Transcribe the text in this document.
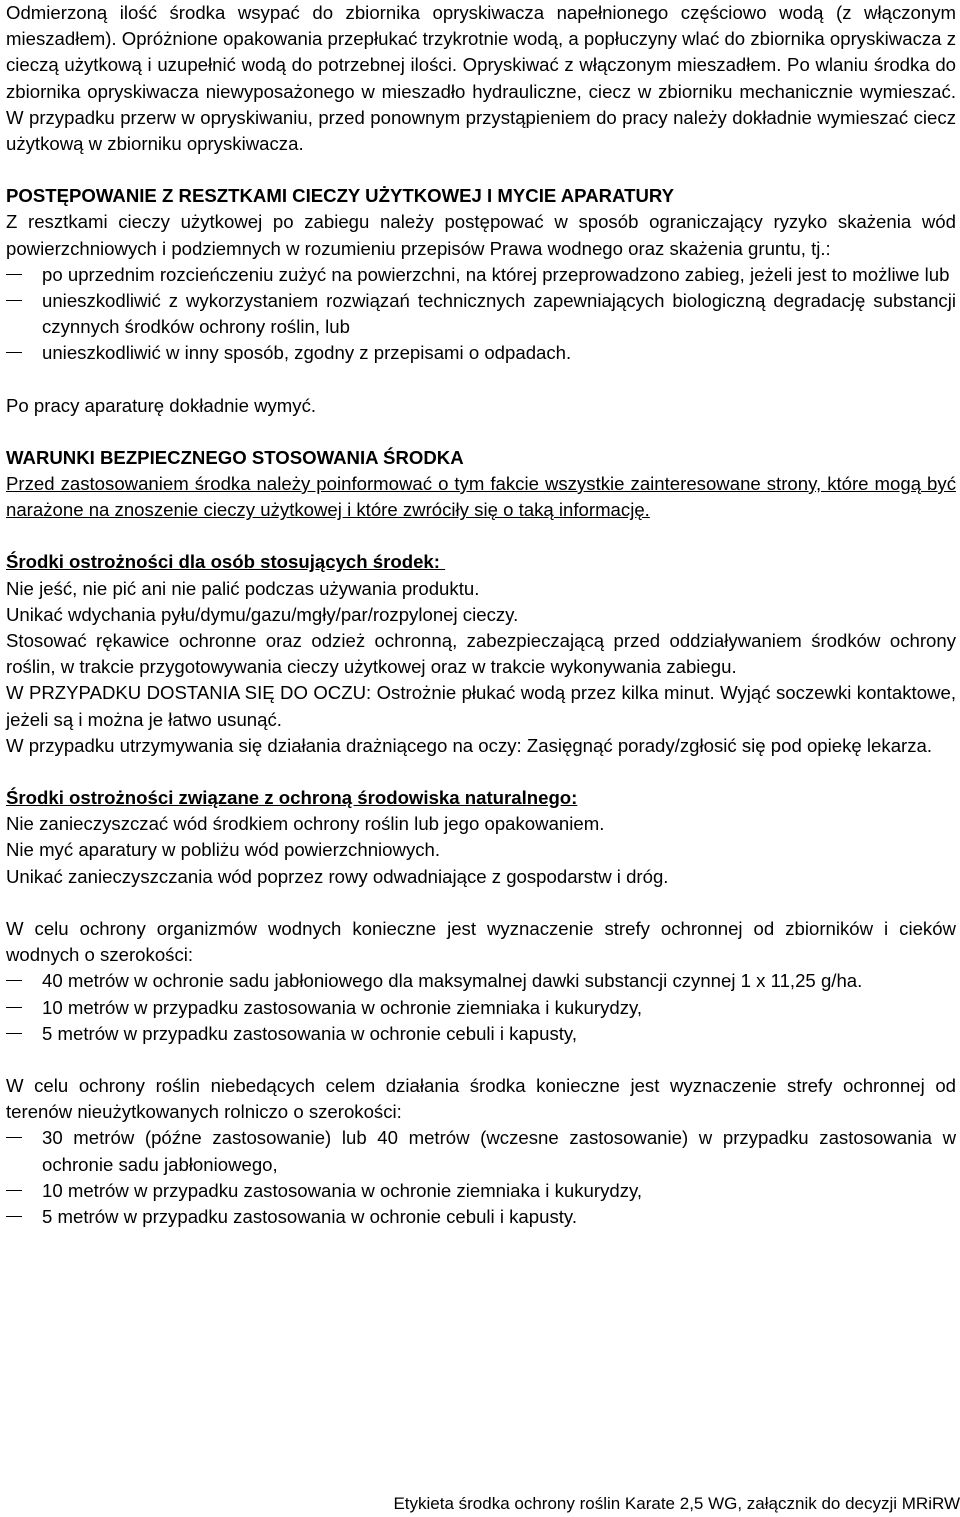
Odmierzoną ilość środka wsypać do zbiornika opryskiwacza napełnionego częściowo wodą (z włączonym mieszadłem). Opróżnione opakowania przepłukać trzykrotnie wodą, a popłuczyny wlać do zbiornika opryskiwacza z cieczą użytkową i uzupełnić wodą do potrzebnej ilości. Opryskiwać z włączonym mieszadłem. Po wlaniu środka do zbiornika opryskiwacza niewyposażonego w mieszadło hydrauliczne, ciecz w zbiorniku mechanicznie wymieszać. W przypadku przerw w opryskiwaniu, przed ponownym przystąpieniem do pracy należy dokładnie wymieszać ciecz użytkową w zbiorniku opryskiwacza.

POSTĘPOWANIE Z RESZTKAMI CIECZY UŻYTKOWEJ I MYCIE APARATURY

Z resztkami cieczy użytkowej po zabiegu należy postępować w sposób ograniczający ryzyko skażenia wód powierzchniowych i podziemnych w rozumieniu przepisów Prawa wodnego oraz skażenia gruntu, tj.:

po uprzednim rozcieńczeniu zużyć na powierzchni, na której przeprowadzono zabieg, jeżeli jest to możliwe lub
unieszkodliwić z wykorzystaniem rozwiązań technicznych zapewniających biologiczną degradację substancji czynnych środków ochrony roślin, lub
unieszkodliwić w inny sposób, zgodny z przepisami o odpadach.

Po pracy aparaturę dokładnie wymyć.

WARUNKI BEZPIECZNEGO STOSOWANIA ŚRODKA

Przed zastosowaniem środka należy poinformować o tym fakcie wszystkie zainteresowane strony, które mogą być narażone na znoszenie cieczy użytkowej i które zwróciły się o taką informację.

Środki ostrożności dla osób stosujących środek:

Nie jeść, nie pić ani nie palić podczas używania produktu.

Unikać wdychania pyłu/dymu/gazu/mgły/par/rozpylonej cieczy.

Stosować rękawice ochronne oraz odzież ochronną, zabezpieczającą przed oddziaływaniem środków ochrony roślin, w trakcie przygotowywania cieczy użytkowej oraz w trakcie wykonywania zabiegu.

W PRZYPADKU DOSTANIA SIĘ DO OCZU: Ostrożnie płukać wodą przez kilka minut. Wyjąć soczewki kontaktowe, jeżeli są i można je łatwo usunąć.

W przypadku utrzymywania się działania drażniącego na oczy: Zasięgnąć porady/zgłosić się pod opiekę lekarza.

Środki ostrożności związane z ochroną środowiska naturalnego:

Nie zanieczyszczać wód środkiem ochrony roślin lub jego opakowaniem.

Nie myć aparatury w pobliżu wód powierzchniowych.

Unikać zanieczyszczania wód poprzez rowy odwadniające z gospodarstw i dróg.

W celu ochrony organizmów wodnych konieczne jest wyznaczenie strefy ochronnej od zbiorników i cieków wodnych o szerokości:

40 metrów w ochronie sadu jabłoniowego dla maksymalnej dawki substancji czynnej 1 x 11,25 g/ha.
10 metrów w przypadku zastosowania w ochronie ziemniaka i kukurydzy,
5 metrów w przypadku zastosowania w ochronie cebuli i kapusty,

W celu ochrony roślin niebedących celem działania środka konieczne jest wyznaczenie strefy ochronnej od terenów nieużytkowanych rolniczo o szerokości:

30 metrów (późne zastosowanie) lub 40 metrów (wczesne zastosowanie) w przypadku zastosowania w ochronie sadu jabłoniowego,
10 metrów w przypadku zastosowania w ochronie ziemniaka i kukurydzy,
5 metrów w przypadku zastosowania w ochronie cebuli i kapusty.
Etykieta środka ochrony roślin Karate 2,5 WG, załącznik do decyzji MRiRW
